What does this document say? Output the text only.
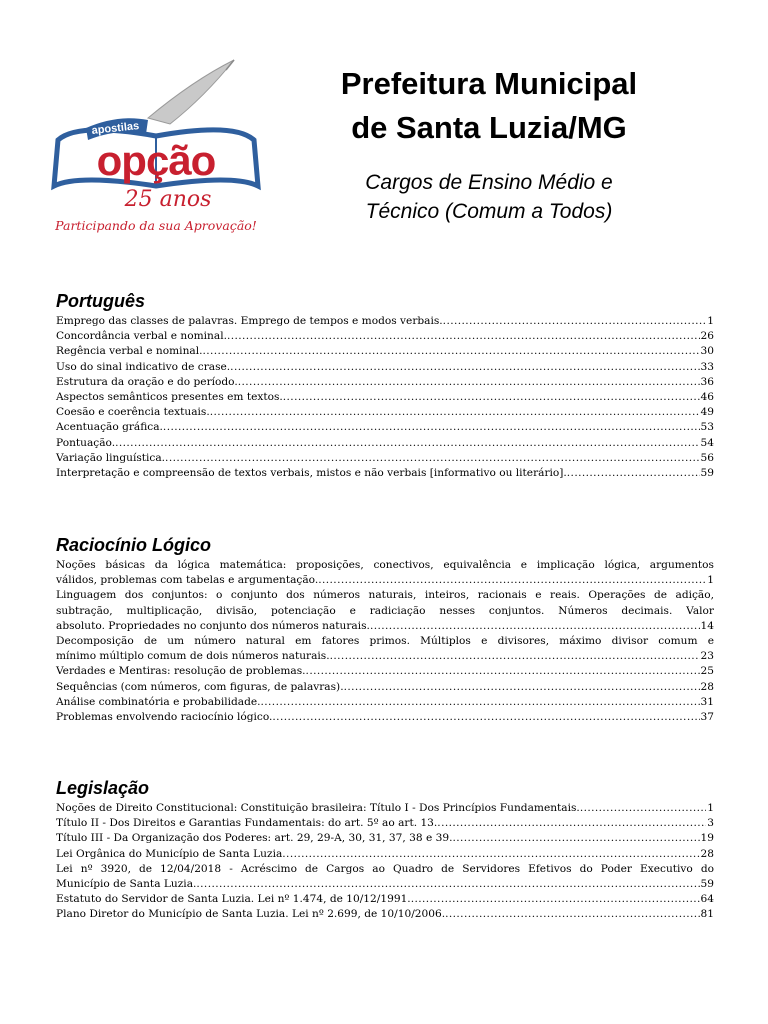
apostilas
opção
25 anos
Participando da sua Aprovação!
Prefeitura Municipal
de Santa Luzia/MG
Cargos de Ensino Médio e
Técnico (Comum a Todos)
Português
Emprego das classes de palavras. Emprego de tempos e modos verbais. .....	1
Concordância verbal e nominal. .....	26
Regência verbal e nominal. .....	30
Uso do sinal indicativo de crase. .....	33
Estrutura da oração e do período. .....	36
Aspectos semânticos presentes em textos. .....	46
Coesão e coerência textuais. .....	49
Acentuação gráfica. .....	53
Pontuação. .....	54
Variação linguística. .....	56
Interpretação e compreensão de textos verbais, mistos e não verbais [informativo ou literário]. .....	59
Raciocínio Lógico
Noções básicas da lógica matemática: proposições, conectivos, equivalência e implicação lógica, argumentos
válidos, problemas com tabelas e argumentação. .....	1
Linguagem dos conjuntos: o conjunto dos números naturais, inteiros, racionais e reais. Operações de adição,
subtração, multiplicação, divisão, potenciação e radiciação nesses conjuntos. Números decimais. Valor
absoluto. Propriedades no conjunto dos números naturais. .....	14
Decomposição de um número natural em fatores primos. Múltiplos e divisores, máximo divisor comum e
mínimo múltiplo comum de dois números naturais. .....	23
Verdades e Mentiras: resolução de problemas. .....	25
Sequências (com números, com figuras, de palavras). .....	28
Análise combinatória e probabilidade. .....	31
Problemas envolvendo raciocínio lógico. .....	37
Legislação
Noções de Direito Constitucional: Constituição brasileira: Título I - Dos Princípios Fundamentais. .....	1
Título II - Dos Direitos e Garantias Fundamentais: do art. 5º ao art. 13. .....	3
Título III - Da Organização dos Poderes: art. 29, 29-A, 30, 31, 37, 38 e 39. .....	19
Lei Orgânica do Município de Santa Luzia .....	28
Lei nº 3920, de 12/04/2018 - Acréscimo de Cargos ao Quadro de Servidores Efetivos do Poder Executivo do
Município de Santa Luzia. .....	59
Estatuto do Servidor de Santa Luzia. Lei nº 1.474, de 10/12/1991. .....	64
Plano Diretor do Município de Santa Luzia. Lei nº 2.699, de 10/10/2006. .....	81
